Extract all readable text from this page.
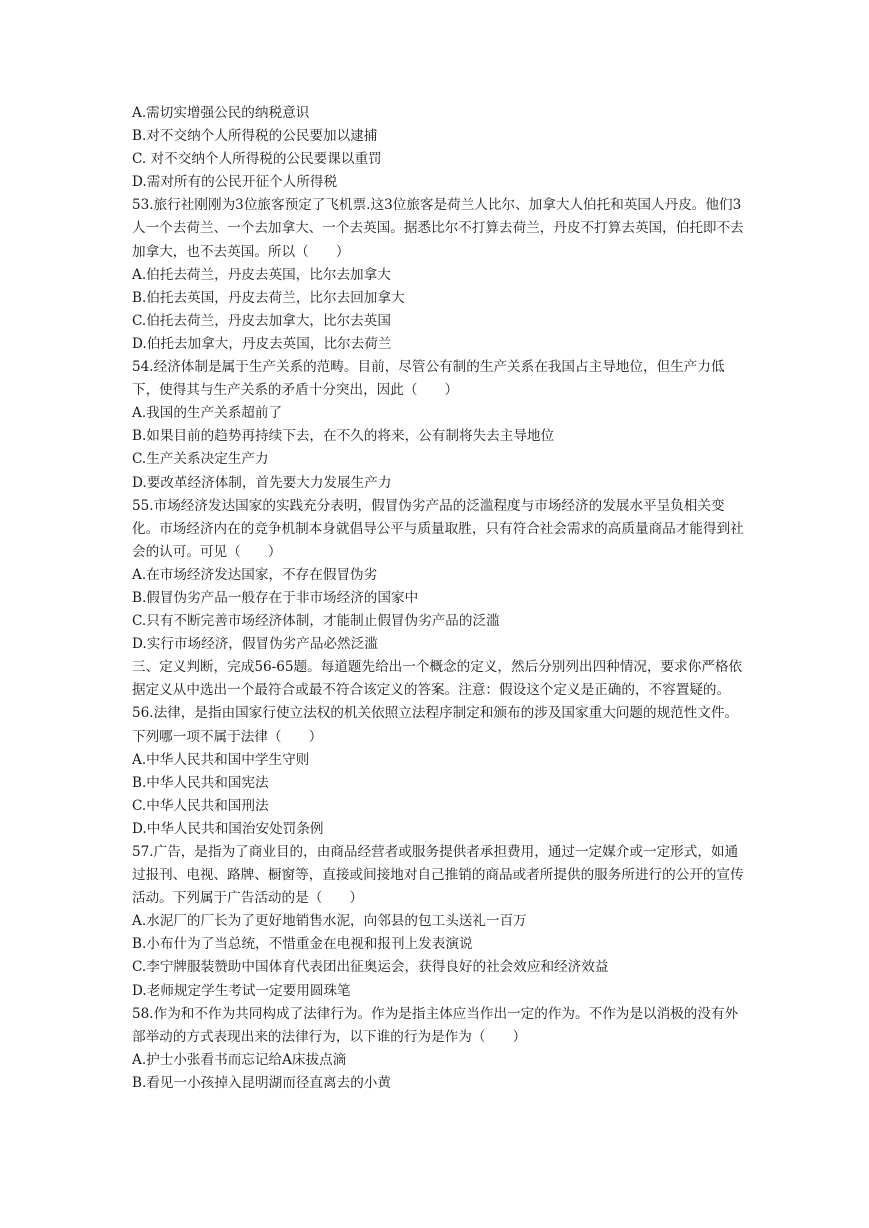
A.需切实增强公民的纳税意识

B.对不交纳个人所得税的公民要加以逮捕

C. 对不交纳个人所得税的公民要课以重罚

D.需对所有的公民开征个人所得税

53.旅行社刚刚为3位旅客预定了飞机票.这3位旅客是荷兰人比尔、加拿大人伯托和英国人丹皮。他们3人一个去荷兰、一个去加拿大、一个去英国。据悉比尔不打算去荷兰，丹皮不打算去英国，伯托即不去加拿大，也不去英国。所以（　　）

A.伯托去荷兰，丹皮去英国，比尔去加拿大

B.伯托去英国，丹皮去荷兰，比尔去回加拿大

C.伯托去荷兰，丹皮去加拿大，比尔去英国

D.伯托去加拿大，丹皮去英国，比尔去荷兰

54.经济体制是属于生产关系的范畴。目前，尽管公有制的生产关系在我国占主导地位，但生产力低下，使得其与生产关系的矛盾十分突出，因此（　　）

A.我国的生产关系超前了

B.如果目前的趋势再持续下去，在不久的将来，公有制将失去主导地位

C.生产关系决定生产力

D.要改革经济体制，首先要大力发展生产力

55.市场经济发达国家的实践充分表明，假冒伪劣产品的泛滥程度与市场经济的发展水平呈负相关变化。市场经济内在的竞争机制本身就倡导公平与质量取胜，只有符合社会需求的高质量商品才能得到社会的认可。可见（　　）

A.在市场经济发达国家，不存在假冒伪劣

B.假冒伪劣产品一般存在于非市场经济的国家中

C.只有不断完善市场经济体制，才能制止假冒伪劣产品的泛滥

D.实行市场经济，假冒伪劣产品必然泛滥

三、定义判断，完成56-65题。每道题先给出一个概念的定义，然后分别列出四种情况，要求你严格依据定义从中选出一个最符合或最不符合该定义的答案。注意：假设这个定义是正确的，不容置疑的。

56.法律，是指由国家行使立法权的机关依照立法程序制定和颁布的涉及国家重大问题的规范性文件。下列哪一项不属于法律（　　）

A.中华人民共和国中学生守则

B.中华人民共和国宪法

C.中华人民共和国刑法

D.中华人民共和国治安处罚条例

57.广告，是指为了商业目的，由商品经营者或服务提供者承担费用，通过一定媒介或一定形式，如通过报刊、电视、路牌、橱窗等，直接或间接地对自己推销的商品或者所提供的服务所进行的公开的宣传活动。下列属于广告活动的是（　　）

A.水泥厂的厂长为了更好地销售水泥，向邻县的包工头送礼一百万

B.小布什为了当总统，不惜重金在电视和报刊上发表演说

C.李宁牌服装赞助中国体育代表团出征奥运会，获得良好的社会效应和经济效益

D.老师规定学生考试一定要用圆珠笔

58.作为和不作为共同构成了法律行为。作为是指主体应当作出一定的作为。不作为是以消极的没有外部举动的方式表现出来的法律行为，以下谁的行为是作为（　　）

A.护士小张看书而忘记给A床拔点滴

B.看见一小孩掉入昆明湖而径直离去的小黄
